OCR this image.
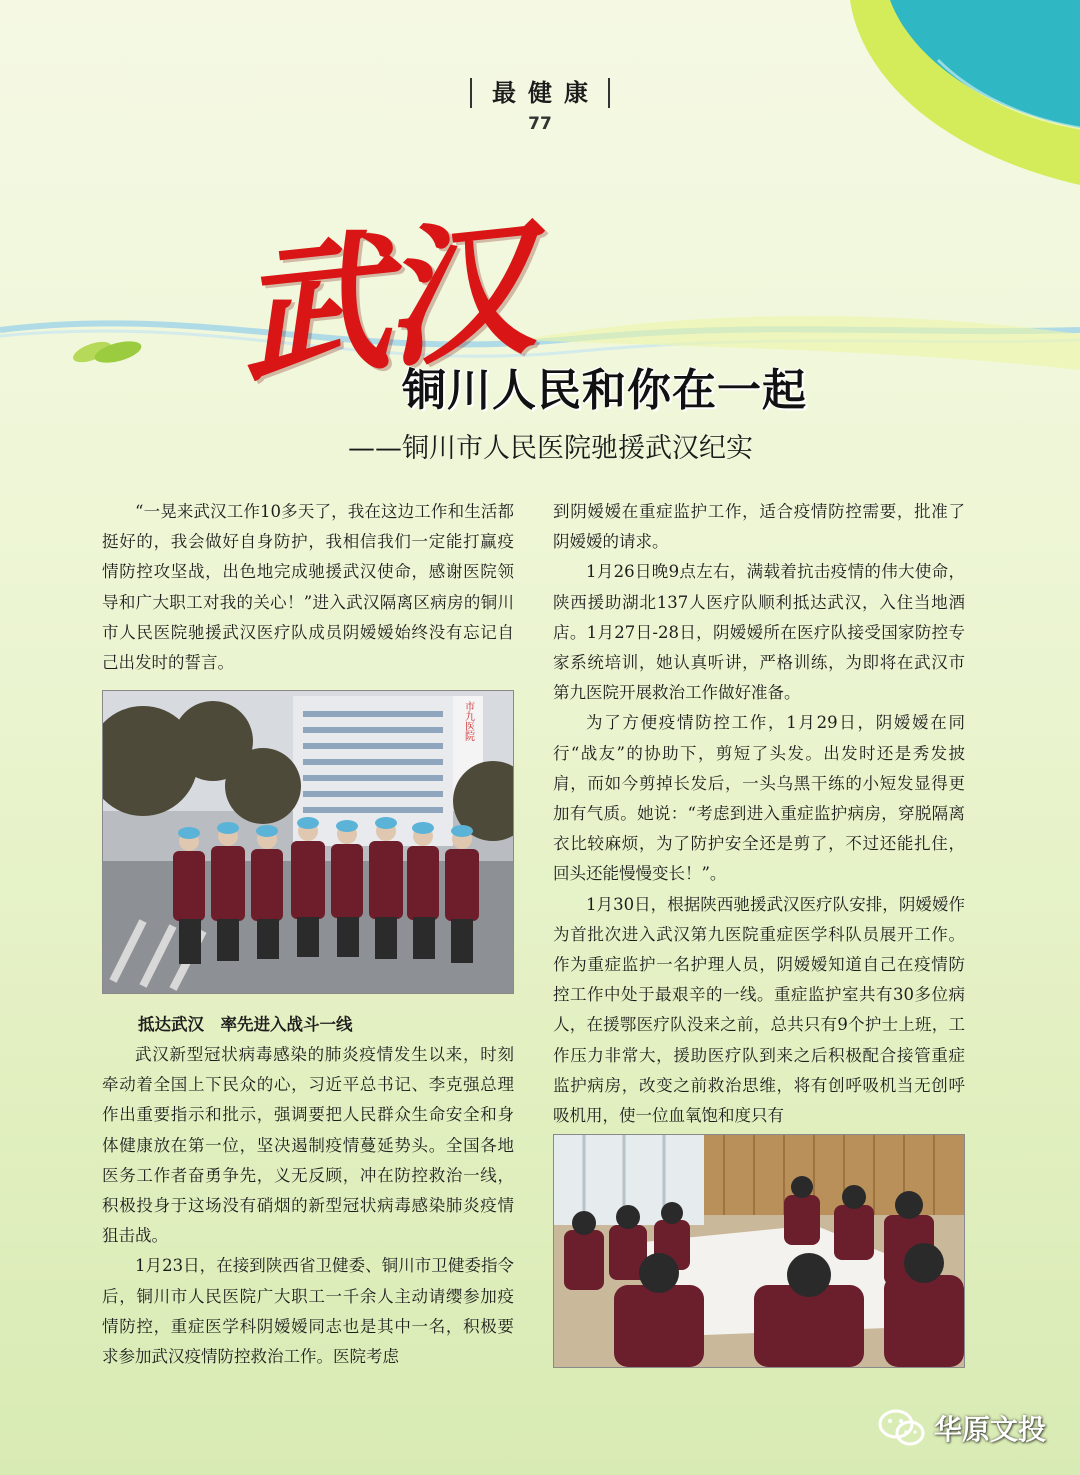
最健康
77
武汉
铜川人民和你在一起
——铜川市人民医院驰援武汉纪实

“一晃来武汉工作10多天了，我在这边工作和生活都挺好的，我会做好自身防护，我相信我们一定能打赢疫情防控攻坚战，出色地完成驰援武汉使命，感谢医院领导和广大职工对我的关心！”进入武汉隔离区病房的铜川市人民医院驰援武汉医疗队成员阴嫒嫒始终没有忘记自己出发时的誓言。

市九医院
抵达武汉　率先进入战斗一线

武汉新型冠状病毒感染的肺炎疫情发生以来，时刻牵动着全国上下民众的心，习近平总书记、李克强总理作出重要指示和批示，强调要把人民群众生命安全和身体健康放在第一位，坚决遏制疫情蔓延势头。全国各地医务工作者奋勇争先，义无反顾，冲在防控救治一线，积极投身于这场没有硝烟的新型冠状病毒感染肺炎疫情狙击战。

1月23日，在接到陕西省卫健委、铜川市卫健委指令后，铜川市人民医院广大职工一千余人主动请缨参加疫情防控，重症医学科阴嫒嫒同志也是其中一名，积极要求参加武汉疫情防控救治工作。医院考虑

到阴嫒嫒在重症监护工作，适合疫情防控需要，批准了阴嫒嫒的请求。

1月26日晚9点左右，满载着抗击疫情的伟大使命，陕西援助湖北137人医疗队顺利抵达武汉，入住当地酒店。1月27日-28日，阴嫒嫒所在医疗队接受国家防控专家系统培训，她认真听讲，严格训练，为即将在武汉市第九医院开展救治工作做好准备。

为了方便疫情防控工作，1月29日，阴嫒嫒在同行“战友”的协助下，剪短了头发。出发时还是秀发披肩，而如今剪掉长发后，一头乌黑干练的小短发显得更加有气质。她说：“考虑到进入重症监护病房，穿脱隔离衣比较麻烦，为了防护安全还是剪了，不过还能扎住，回头还能慢慢变长！”。

1月30日，根据陕西驰援武汉医疗队安排，阴嫒嫒作为首批次进入武汉第九医院重症医学科队员展开工作。作为重症监护一名护理人员，阴嫒嫒知道自己在疫情防控工作中处于最艰辛的一线。重症监护室共有30多位病人，在援鄂医疗队没来之前，总共只有9个护士上班，工作压力非常大，援助医疗队到来之后积极配合接管重症监护病房，改变之前救治思维，将有创呼吸机当无创呼吸机用，使一位血氧饱和度只有

华原文投
